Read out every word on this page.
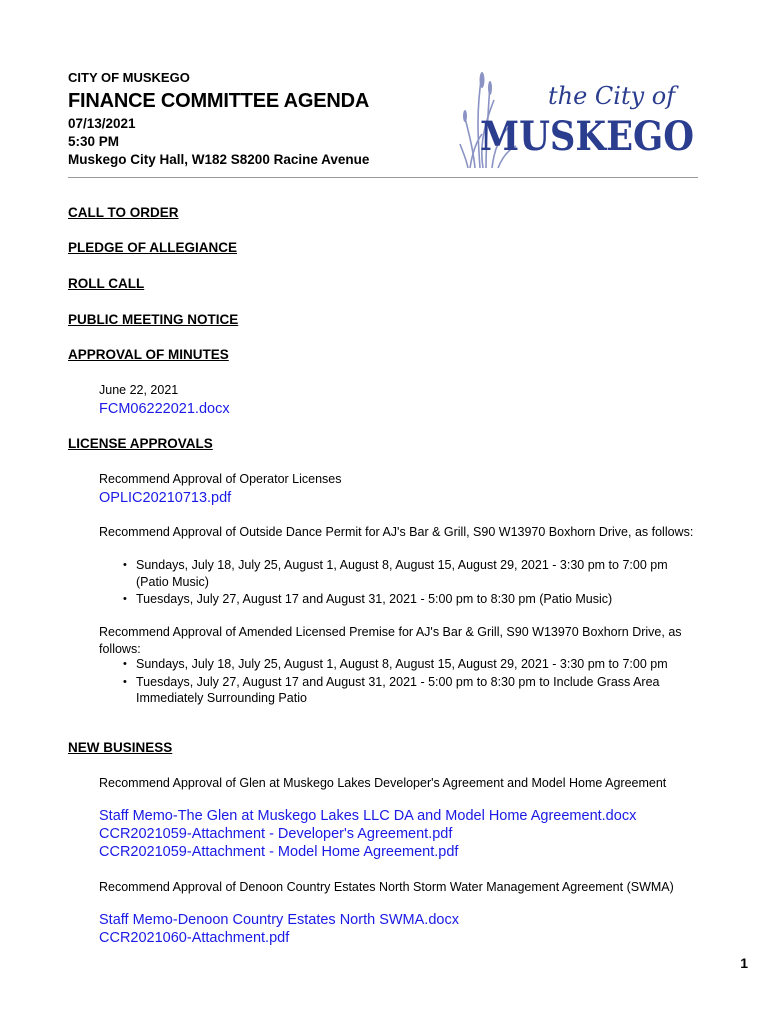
CITY OF MUSKEGO
FINANCE COMMITTEE AGENDA
07/13/2021
5:30 PM
Muskego City Hall, W182 S8200 Racine Avenue
the City of
MUSKEGO
CALL TO ORDER
PLEDGE OF ALLEGIANCE
ROLL CALL
PUBLIC MEETING NOTICE
APPROVAL OF MINUTES
June 22, 2021
FCM06222021.docx
LICENSE APPROVALS
Recommend Approval of Operator Licenses
OPLIC20210713.pdf
Recommend Approval of Outside Dance Permit for AJ's Bar & Grill, S90 W13970 Boxhorn Drive, as follows:
• Sundays, July 18, July 25, August 1, August 8, August 15, August 29, 2021 - 3:30 pm to 7:00 pm (Patio Music)
• Tuesdays, July 27, August 17 and August 31, 2021 - 5:00 pm to 8:30 pm (Patio Music)
Recommend Approval of Amended Licensed Premise for AJ's Bar & Grill, S90 W13970 Boxhorn Drive, as follows:
• Sundays, July 18, July 25, August 1, August 8, August 15, August 29, 2021 - 3:30 pm to 7:00 pm
• Tuesdays, July 27, August 17 and August 31, 2021 - 5:00 pm to 8:30 pm to Include Grass Area Immediately Surrounding Patio
NEW BUSINESS
Recommend Approval of Glen at Muskego Lakes Developer's Agreement and Model Home Agreement
Staff Memo-The Glen at Muskego Lakes LLC DA and Model Home Agreement.docx
CCR2021059-Attachment - Developer's Agreement.pdf
CCR2021059-Attachment - Model Home Agreement.pdf
Recommend Approval of Denoon Country Estates North Storm Water Management Agreement (SWMA)
Staff Memo-Denoon Country Estates North SWMA.docx
CCR2021060-Attachment.pdf
1
